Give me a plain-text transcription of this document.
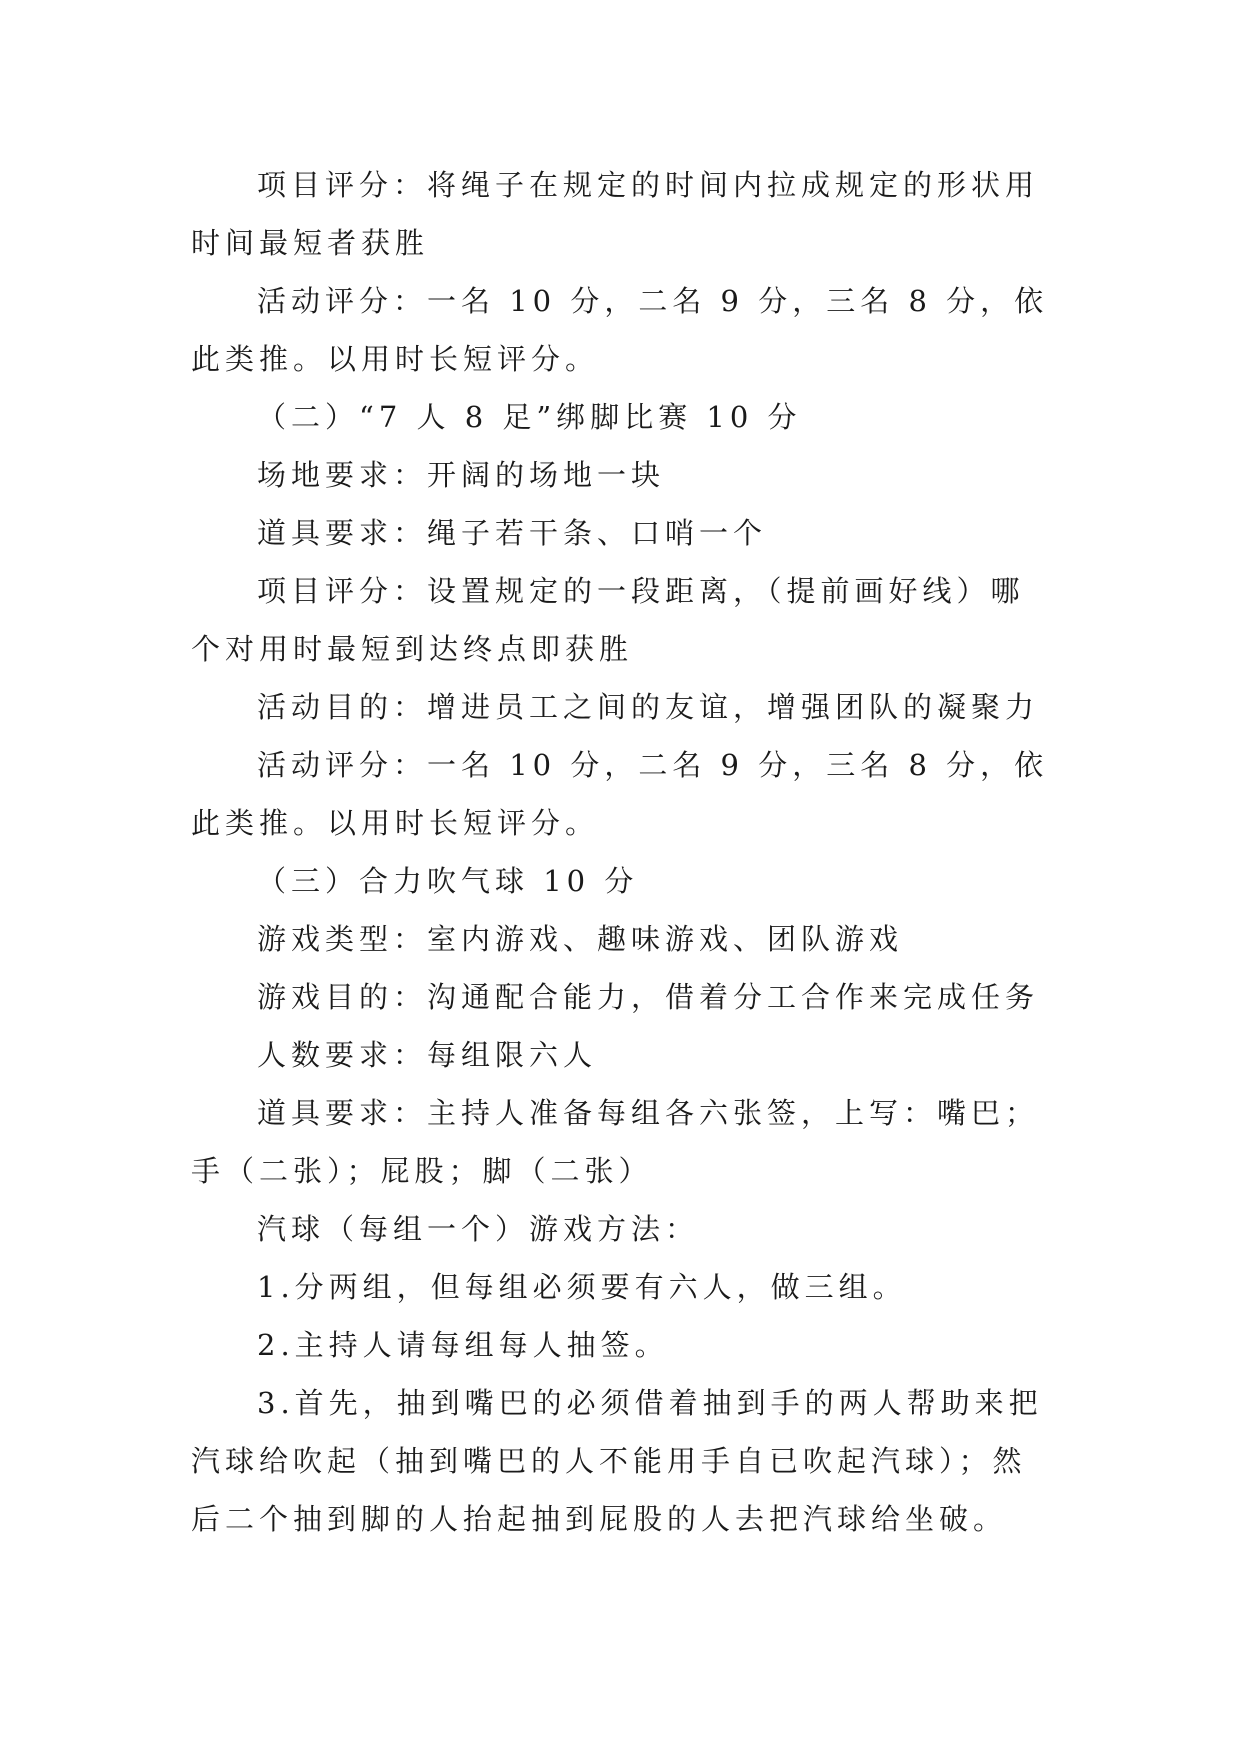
项目评分：将绳子在规定的时间内拉成规定的形状用时间最短者获胜

活动评分：一名 10 分，二名 9 分，三名 8 分，依此类推。以用时长短评分。

（二）“7 人 8 足”绑脚比赛 10 分

场地要求：开阔的场地一块

道具要求：绳子若干条、口哨一个

项目评分：设置规定的一段距离，（提前画好线）哪个对用时最短到达终点即获胜

活动目的：增进员工之间的友谊，增强团队的凝聚力

活动评分：一名 10 分，二名 9 分，三名 8 分，依此类推。以用时长短评分。

（三）合力吹气球 10 分

游戏类型：室内游戏、趣味游戏、团队游戏

游戏目的：沟通配合能力，借着分工合作来完成任务

人数要求：每组限六人

道具要求：主持人准备每组各六张签，上写：嘴巴；手（二张）；屁股；脚（二张）

汽球（每组一个）游戏方法：

1.分两组，但每组必须要有六人，做三组。

2.主持人请每组每人抽签。

3.首先，抽到嘴巴的必须借着抽到手的两人帮助来把汽球给吹起（抽到嘴巴的人不能用手自已吹起汽球）；然后二个抽到脚的人抬起抽到屁股的人去把汽球给坐破。
